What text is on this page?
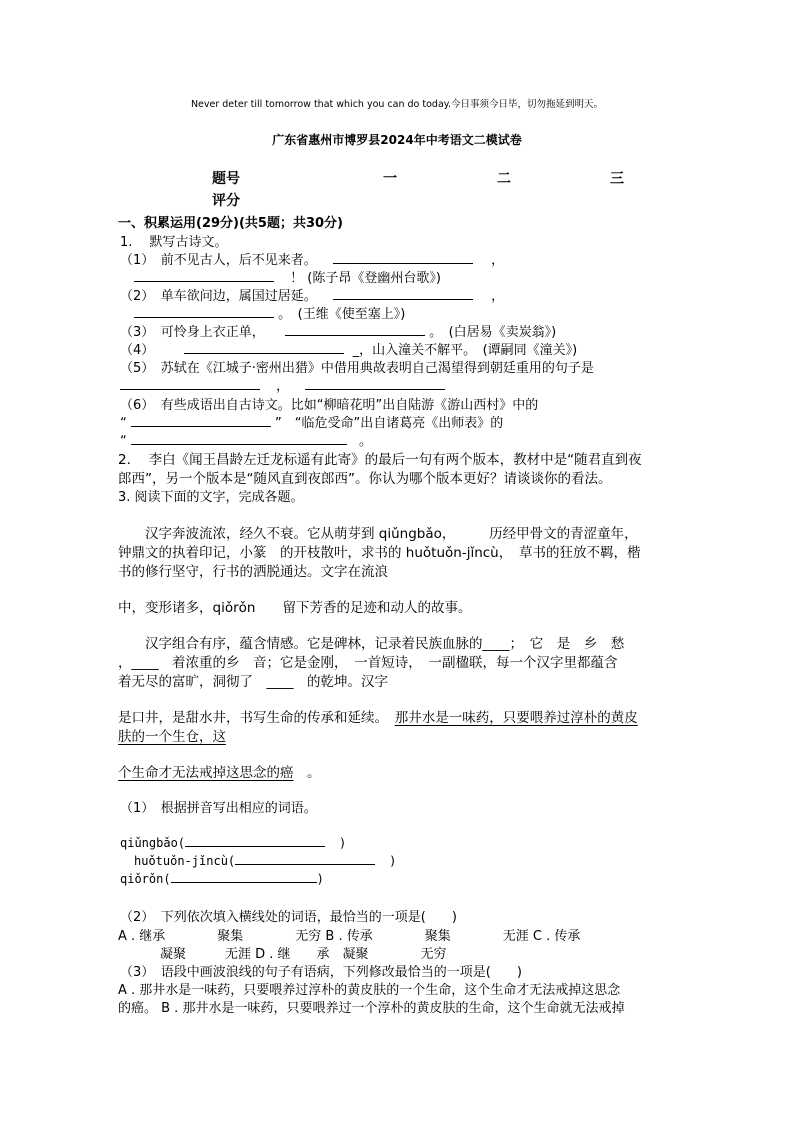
Never deter till tomorrow that which you can do today.今日事须今日毕，切勿拖延到明天。
广东省惠州市博罗县2024年中考语文二模试卷
题号	一	二	三
评分
一、积累运用(29分)(共5题；共30分)
1.　 默写古诗文。
（1）　前不见古人，后不见来者。	，
！ (陈子昂《登幽州台歌》)
（2）　单车欲问边，属国过居延。	，
。　(王维《使至塞上》)
（3）　可怜身上衣正单，	。　(白居易《卖炭翁》)
（4）	_，山入潼关不解平。　(谭嗣同《潼关》)
（5）　苏轼在《江城子·密州出猎》中借用典故表明自己渴望得到朝廷重用的句子是
，
（6）　有些成语出自古诗文。比如“柳暗花明”出自陆游《游山西村》中的
“	”　“临危受命”出自诸葛亮《出师表》的
“	。
2.　 李白《闻王昌龄左迁龙标遥有此寄》的最后一句有两个版本，教材中是“随君直到夜
郎西”，另一个版本是“随风直到夜郎西”。你认为哪个版本更好？请谈谈你的看法。
3. 阅读下面的文字，完成各题。
　　汉字奔波流浓，经久不衰。它从萌芽到 qiǔngbǎo，　　　历经甲骨文的青涩童年，
钟鼎文的执着印记，小篆　的开枝散叶，求书的 huǒtuǒn-jǐncù，　草书的狂放不羁，楷
书的修行坚守，行书的洒脱通达。文字在流浪
中，变形诸多，qiǒrǒn　　留下芳香的足迹和动人的故事。
　　汉字组合有序，蕴含情感。它是碑林，记录着民族血脉的____；　它　是　乡　愁
，____　着浓重的乡　音；它是金刚，　一首短诗，　一副楹联，每一个汉字里都蕴含
着无尽的富旷，洞彻了　____　的乾坤。汉字
是口井，是甜水井，书写生命的传承和延续。　那井水是一味药，只要喂养过淳朴的黄皮
肤的一个生仓，这
个生命才无法戒掉这思念的癌　。
（1）　根据拼音写出相应的词语。
qiǔngbǎo(	)
huǒtuǒn-jǐncù(	)
qiǒrǒn(	)
（2）　下列依次填入横线处的词语，最恰当的一项是(　　)
A . 继承　　　　聚集　　　　无穷 B . 传承　　　　聚集　　　　无涯 C . 传承
凝聚　　　无涯 D . 继　　承　凝聚　　　　无穷
（3）　语段中画波浪线的句子有语病，下列修改最恰当的一项是(　　)
A . 那井水是一味药，只要喂养过淳朴的黄皮肤的一个生命，这个生命才无法戒掉这思念
的癌。 B . 那井水是一味药，只要喂养过一个淳朴的黄皮肤的生命，这个生命就无法戒掉
